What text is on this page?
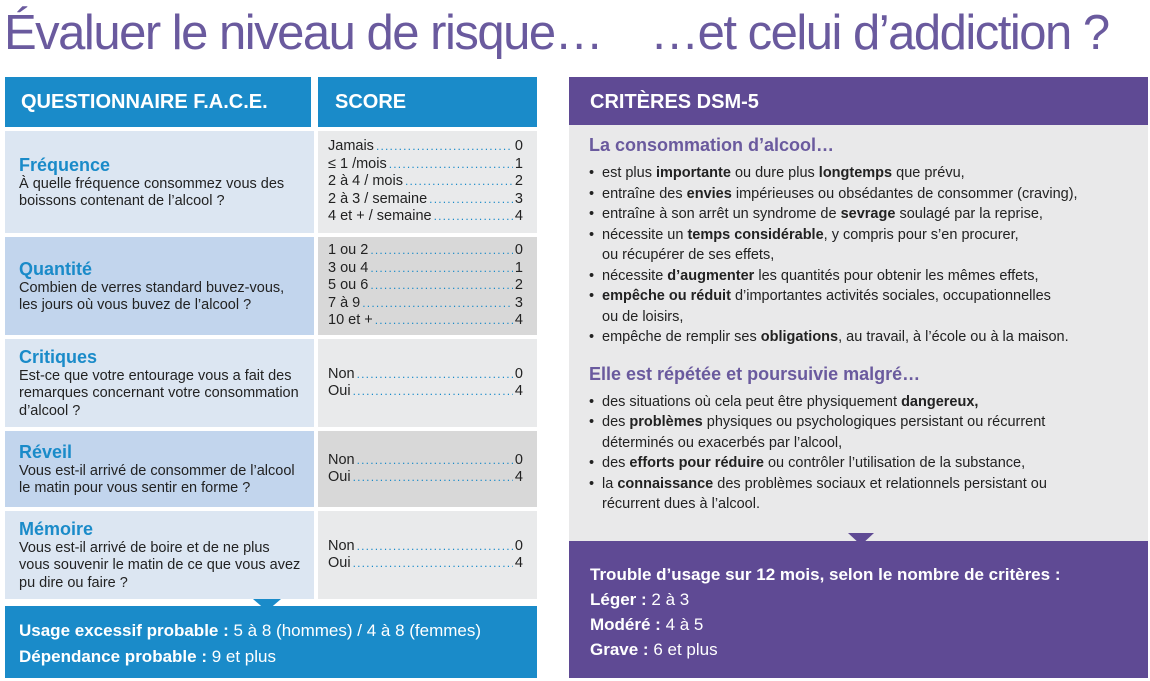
Évaluer le niveau de risque… …et celui d’addiction ?
QUESTIONNAIRE F.A.C.E.	SCORE
Fréquence
À quelle fréquence consommez vous des boissons contenant de l’alcool ?
Jamais .....	0
≤ 1 /mois .....	1
2 à 4 / mois .....	2
2 à 3 / semaine .....	3
4 et + / semaine .....	4
Quantité
Combien de verres standard buvez-vous, les jours où vous buvez de l’alcool ?
1 ou 2 .....	0
3 ou 4 .....	1
5 ou 6 .....	2
7 à 9 .....	3
10 et + .....	4
Critiques
Est-ce que votre entourage vous a fait des remarques concernant votre consommation d’alcool ?
Non .....	0
Oui .....	4
Réveil
Vous est-il arrivé de consommer de l’alcool le matin pour vous sentir en forme ?
Non .....	0
Oui .....	4
Mémoire
Vous est-il arrivé de boire et de ne plus vous souvenir le matin de ce que vous avez pu dire ou faire ?
Non .....	0
Oui .....	4
Usage excessif probable : 5 à 8 (hommes) / 4 à 8 (femmes)
Dépendance probable : 9 et plus
CRITÈRES DSM-5
La consommation d’alcool…
• est plus importante ou dure plus longtemps que prévu,
• entraîne des envies impérieuses ou obsédantes de consommer (craving),
• entraîne à son arrêt un syndrome de sevrage soulagé par la reprise,
• nécessite un temps considérable, y compris pour s’en procurer,
ou récupérer de ses effets,
• nécessite d’augmenter les quantités pour obtenir les mêmes effets,
• empêche ou réduit d’importantes activités sociales, occupationnelles
ou de loisirs,
• empêche de remplir ses obligations, au travail, à l’école ou à la maison.
Elle est répétée et poursuivie malgré…
• des situations où cela peut être physiquement dangereux,
• des problèmes physiques ou psychologiques persistant ou récurrent
déterminés ou exacerbés par l’alcool,
• des efforts pour réduire ou contrôler l’utilisation de la substance,
• la connaissance des problèmes sociaux et relationnels persistant ou
récurrent dues à l’alcool.
Trouble d’usage sur 12 mois, selon le nombre de critères :
Léger : 2 à 3
Modéré : 4 à 5
Grave : 6 et plus
